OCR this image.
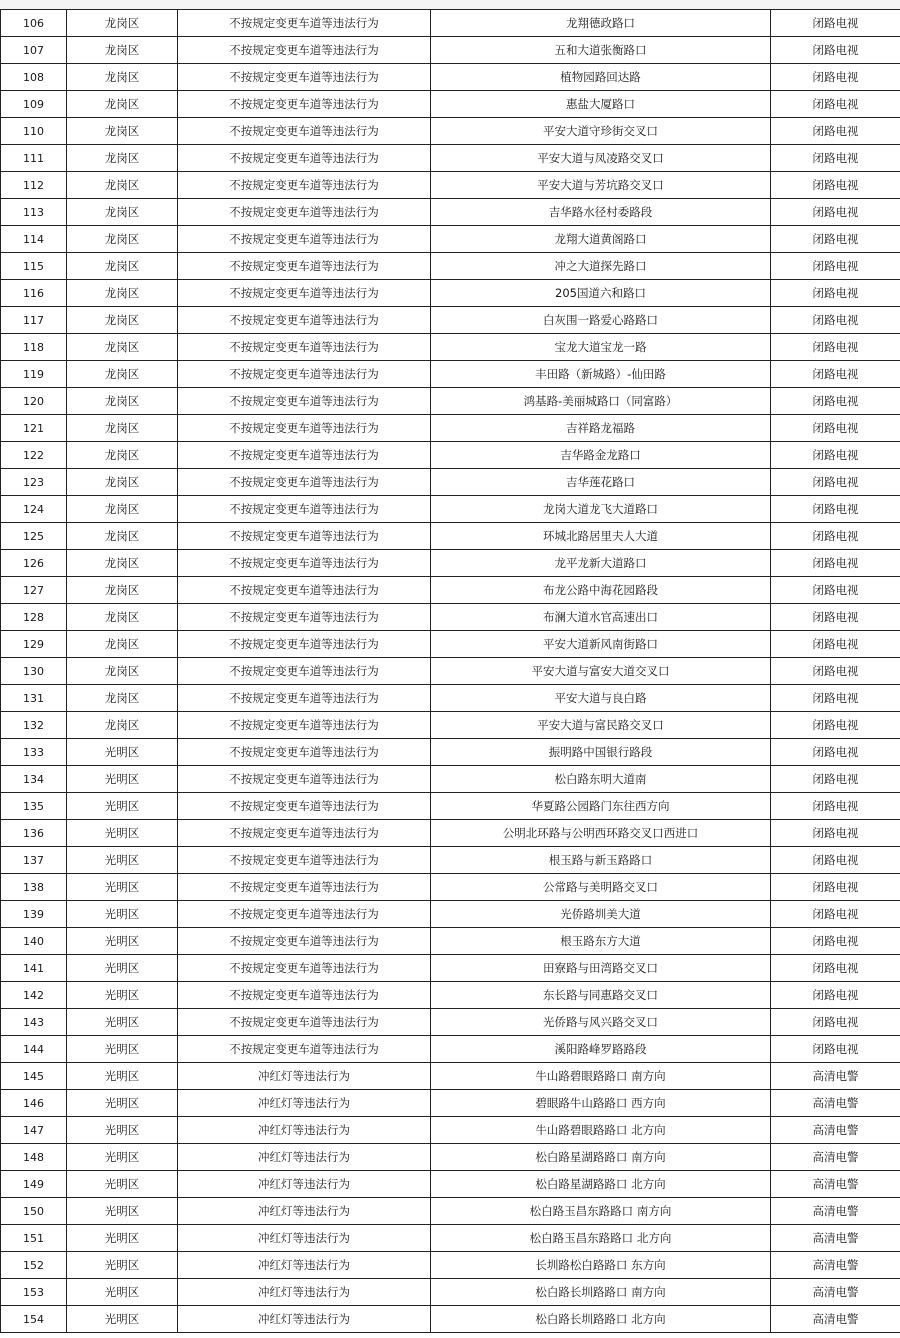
106	龙岗区	不按规定变更车道等违法行为	龙翔德政路口	闭路电视
107	龙岗区	不按规定变更车道等违法行为	五和大道张衡路口	闭路电视
108	龙岗区	不按规定变更车道等违法行为	植物园路回达路	闭路电视
109	龙岗区	不按规定变更车道等违法行为	惠盐大厦路口	闭路电视
110	龙岗区	不按规定变更车道等违法行为	平安大道守珍街交叉口	闭路电视
111	龙岗区	不按规定变更车道等违法行为	平安大道与凤凌路交叉口	闭路电视
112	龙岗区	不按规定变更车道等违法行为	平安大道与芳坑路交叉口	闭路电视
113	龙岗区	不按规定变更车道等违法行为	吉华路水径村委路段	闭路电视
114	龙岗区	不按规定变更车道等违法行为	龙翔大道黄阁路口	闭路电视
115	龙岗区	不按规定变更车道等违法行为	冲之大道探先路口	闭路电视
116	龙岗区	不按规定变更车道等违法行为	205国道六和路口	闭路电视
117	龙岗区	不按规定变更车道等违法行为	白灰围一路爱心路路口	闭路电视
118	龙岗区	不按规定变更车道等违法行为	宝龙大道宝龙一路	闭路电视
119	龙岗区	不按规定变更车道等违法行为	丰田路（新城路）-仙田路	闭路电视
120	龙岗区	不按规定变更车道等违法行为	鸿基路-美丽城路口（同富路）	闭路电视
121	龙岗区	不按规定变更车道等违法行为	吉祥路龙福路	闭路电视
122	龙岗区	不按规定变更车道等违法行为	吉华路金龙路口	闭路电视
123	龙岗区	不按规定变更车道等违法行为	吉华莲花路口	闭路电视
124	龙岗区	不按规定变更车道等违法行为	龙岗大道龙飞大道路口	闭路电视
125	龙岗区	不按规定变更车道等违法行为	环城北路居里夫人大道	闭路电视
126	龙岗区	不按规定变更车道等违法行为	龙平龙新大道路口	闭路电视
127	龙岗区	不按规定变更车道等违法行为	布龙公路中海花园路段	闭路电视
128	龙岗区	不按规定变更车道等违法行为	布澜大道水官高速出口	闭路电视
129	龙岗区	不按规定变更车道等违法行为	平安大道新风南街路口	闭路电视
130	龙岗区	不按规定变更车道等违法行为	平安大道与富安大道交叉口	闭路电视
131	龙岗区	不按规定变更车道等违法行为	平安大道与良白路	闭路电视
132	龙岗区	不按规定变更车道等违法行为	平安大道与富民路交叉口	闭路电视
133	光明区	不按规定变更车道等违法行为	振明路中国银行路段	闭路电视
134	光明区	不按规定变更车道等违法行为	松白路东明大道南	闭路电视
135	光明区	不按规定变更车道等违法行为	华夏路公园路门东往西方向	闭路电视
136	光明区	不按规定变更车道等违法行为	公明北环路与公明西环路交叉口西进口	闭路电视
137	光明区	不按规定变更车道等违法行为	根玉路与新玉路路口	闭路电视
138	光明区	不按规定变更车道等违法行为	公常路与美明路交叉口	闭路电视
139	光明区	不按规定变更车道等违法行为	光侨路圳美大道	闭路电视
140	光明区	不按规定变更车道等违法行为	根玉路东方大道	闭路电视
141	光明区	不按规定变更车道等违法行为	田寮路与田湾路交叉口	闭路电视
142	光明区	不按规定变更车道等违法行为	东长路与同惠路交叉口	闭路电视
143	光明区	不按规定变更车道等违法行为	光侨路与风兴路交叉口	闭路电视
144	光明区	不按规定变更车道等违法行为	溪阳路峰罗路路段	闭路电视
145	光明区	冲红灯等违法行为	牛山路碧眼路路口 南方向	高清电警
146	光明区	冲红灯等违法行为	碧眼路牛山路路口 西方向	高清电警
147	光明区	冲红灯等违法行为	牛山路碧眼路路口 北方向	高清电警
148	光明区	冲红灯等违法行为	松白路星湖路路口 南方向	高清电警
149	光明区	冲红灯等违法行为	松白路星湖路路口 北方向	高清电警
150	光明区	冲红灯等违法行为	松白路玉昌东路路口 南方向	高清电警
151	光明区	冲红灯等违法行为	松白路玉昌东路路口 北方向	高清电警
152	光明区	冲红灯等违法行为	长圳路松白路路口 东方向	高清电警
153	光明区	冲红灯等违法行为	松白路长圳路路口 南方向	高清电警
154	光明区	冲红灯等违法行为	松白路长圳路路口 北方向	高清电警
